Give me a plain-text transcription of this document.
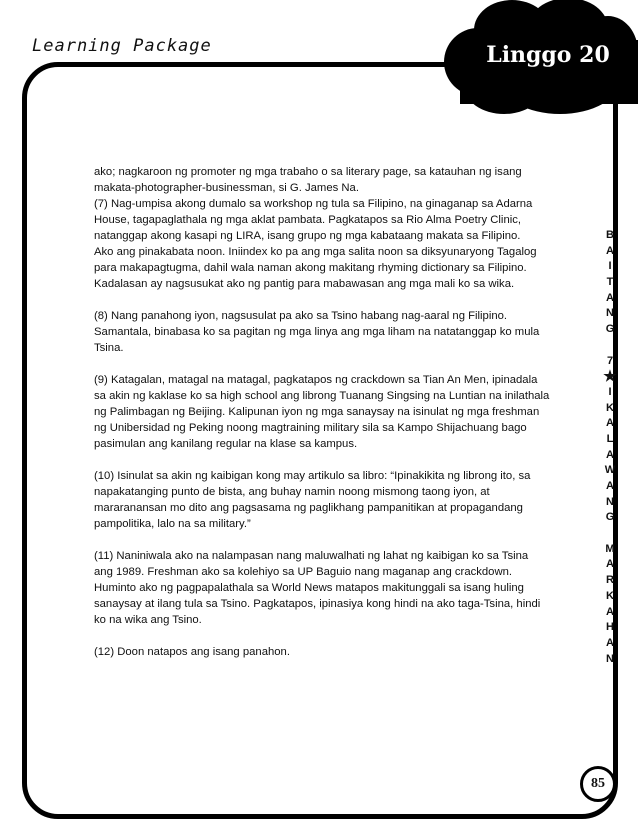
Learning Package	Linggo 20

ako; nagkaroon ng promoter ng mga trabaho o sa literary page, sa katauhan ng isang
makata-photographer-businessman, si G. James Na.
(7) Nag-umpisa akong dumalo sa workshop ng tula sa Filipino, na ginaganap sa Adarna
House, tagapaglathala ng mga aklat pambata. Pagkatapos sa Rio Alma Poetry Clinic,
natanggap akong kasapi ng LIRA, isang grupo ng mga kabataang makata sa Filipino.
Ako ang pinakabata noon. Iniindex ko pa ang mga salita noon sa diksyunaryong Tagalog
para makapagtugma, dahil wala naman akong makitang rhyming dictionary sa Filipino.
Kadalasan ay nagsusukat ako ng pantig para mabawasan ang mga mali ko sa wika.

(8) Nang panahong iyon, nagsusulat pa ako sa Tsino habang nag-aaral ng Filipino.
Samantala, binabasa ko sa pagitan ng mga linya ang mga liham na natatanggap ko mula
Tsina.

(9) Katagalan, matagal na matagal, pagkatapos ng crackdown sa Tian An Men, ipinadala
sa akin ng kaklase ko sa high school ang librong Tuanang Singsing na Luntian na inilathala
ng Palimbagan ng Beijing. Kalipunan iyon ng mga sanaysay na isinulat ng mga freshman
ng Unibersidad ng Peking noong magtraining military sila sa Kampo Shijachuang bago
pasimulan ang kanilang regular na klase sa kampus.

(10) Isinulat sa akin ng kaibigan kong may artikulo sa libro: “Ipinakikita ng librong ito, sa
napakatanging punto de bista, ang buhay namin noong mismong taong iyon, at
mararanansan mo dito ang pagsasama ng paglikhang pampanitikan at propagandang
pampolitika, lalo na sa military.”

(11) Naniniwala ako na nalampasan nang maluwalhati ng lahat ng kaibigan ko sa Tsina
ang 1989. Freshman ako sa kolehiyo sa UP Baguio nang maganap ang crackdown.
Huminto ako ng pagpapalathala sa World News matapos makitunggali sa isang huling
sanaysay at ilang tula sa Tsino. Pagkatapos, ipinasiya kong hindi na ako taga-Tsina, hindi
ko na wika ang Tsino.

(12) Doon natapos ang isang panahon.

B
A
I
T
A
N
G
7
★
I
K
A
L
A
W
A
N
G
M
A
R
K
A
H
A
N
85
